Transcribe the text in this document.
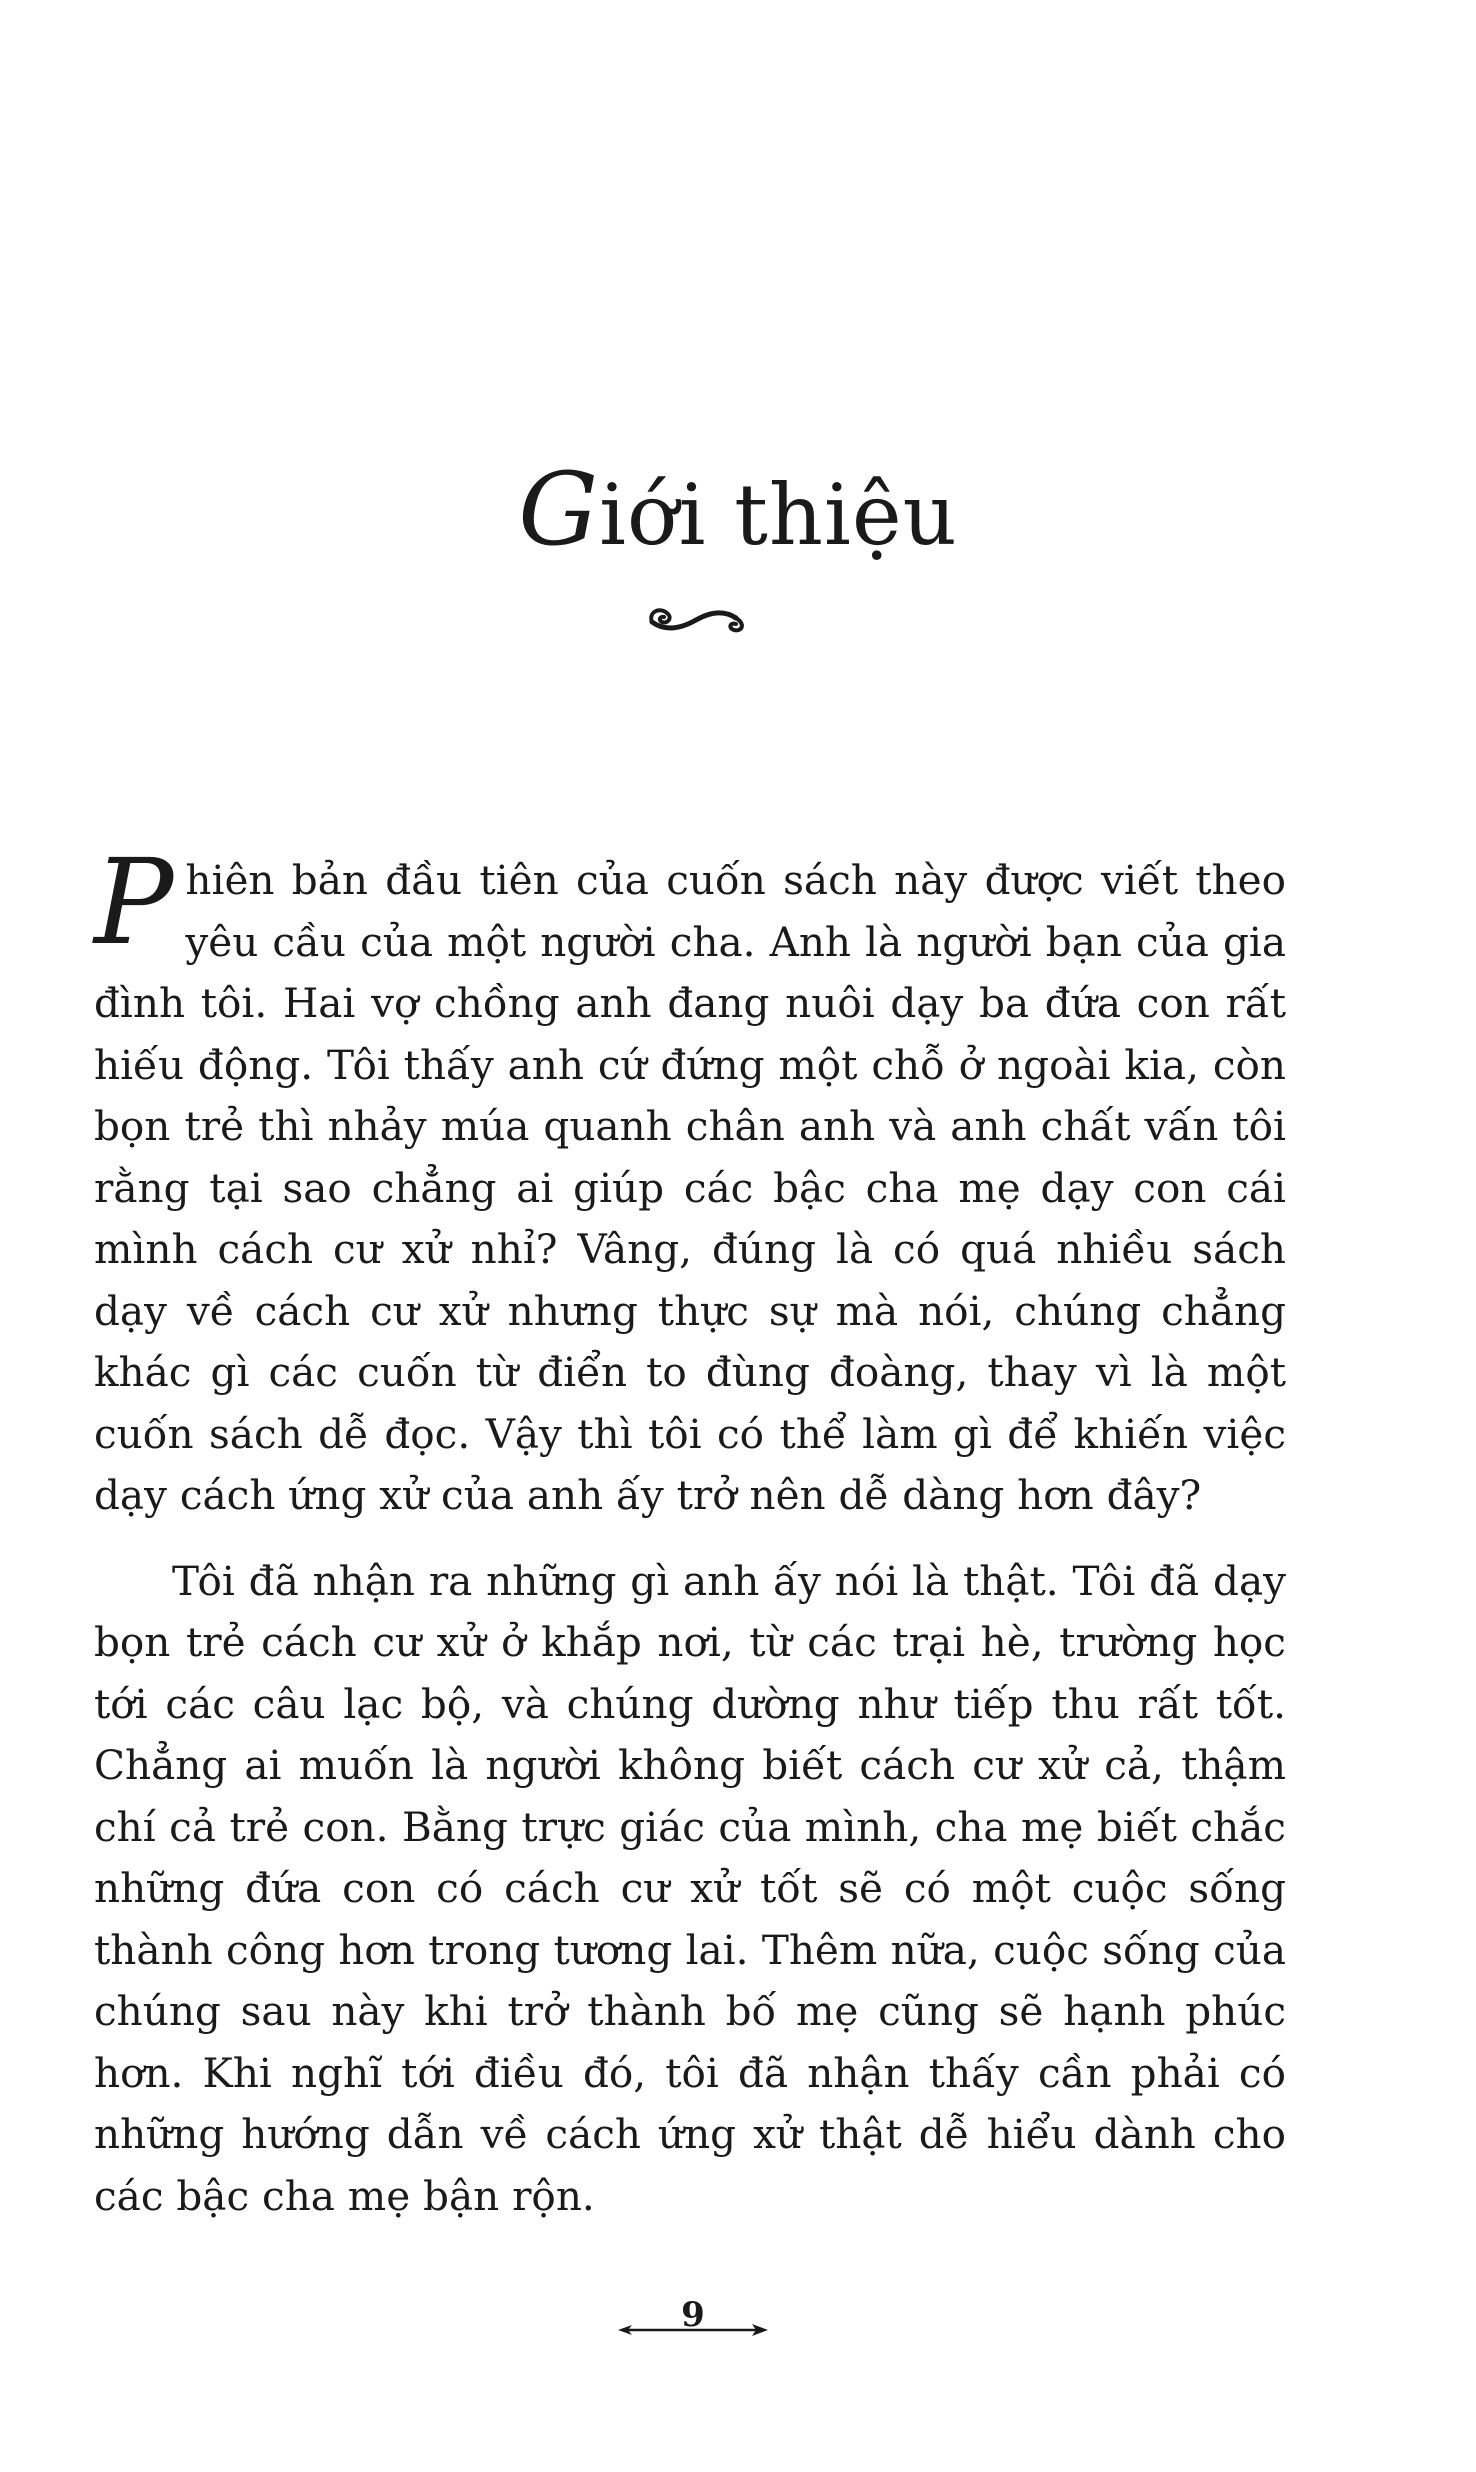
Giới thiệu

Phiên bản đầu tiên của cuốn sách này được viết theo yêu cầu của một người cha. Anh là người bạn của gia đình tôi. Hai vợ chồng anh đang nuôi dạy ba đứa con rất hiếu động. Tôi thấy anh cứ đứng một chỗ ở ngoài kia, còn bọn trẻ thì nhảy múa quanh chân anh và anh chất vấn tôi rằng tại sao chẳng ai giúp các bậc cha mẹ dạy con cái mình cách cư xử nhỉ? Vâng, đúng là có quá nhiều sách dạy về cách cư xử nhưng thực sự mà nói, chúng chẳng khác gì các cuốn từ điển to đùng đoàng, thay vì là một cuốn sách dễ đọc. Vậy thì tôi có thể làm gì để khiến việc dạy cách ứng xử của anh ấy trở nên dễ dàng hơn đây?

Tôi đã nhận ra những gì anh ấy nói là thật. Tôi đã dạy bọn trẻ cách cư xử ở khắp nơi, từ các trại hè, trường học tới các câu lạc bộ, và chúng dường như tiếp thu rất tốt. Chẳng ai muốn là người không biết cách cư xử cả, thậm chí cả trẻ con. Bằng trực giác của mình, cha mẹ biết chắc những đứa con có cách cư xử tốt sẽ có một cuộc sống thành công hơn trong tương lai. Thêm nữa, cuộc sống của chúng sau này khi trở thành bố mẹ cũng sẽ hạnh phúc hơn. Khi nghĩ tới điều đó, tôi đã nhận thấy cần phải có những hướng dẫn về cách ứng xử thật dễ hiểu dành cho các bậc cha mẹ bận rộn.

9
